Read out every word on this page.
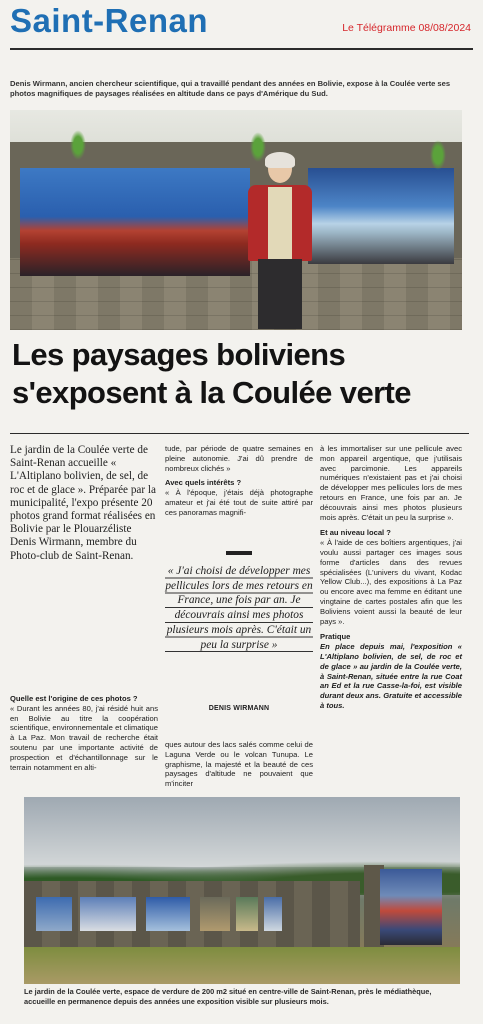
Saint-Renan	Le Télégramme 08/08/2024
Denis Wirmann, ancien chercheur scientifique, qui a travaillé pendant des années en Bolivie, expose à la Coulée verte ses photos magnifiques de paysages réalisées en altitude dans ce pays d'Amérique du Sud.
Les paysages boliviens
s'exposent à la Coulée verte
Le jardin de la Coulée verte de Saint-Renan accueille « L'Altiplano bolivien, de sel, de roc et de glace ». Préparée par la municipalité, l'expo présente 20 photos grand format réalisées en Bolivie par le Plouarzéliste Denis Wirmann, membre du Photo-club de Saint-Renan.
Quelle est l'origine de ces photos ?
« Durant les années 80, j'ai résidé huit ans en Bolivie au titre la coopération scientifique, environnementale et climatique à La Paz. Mon travail de recherche était soutenu par une importante activité de prospection et d'échantillonnage sur le terrain notamment en alti-
tude, par période de quatre semaines en pleine autonomie. J'ai dû prendre de nombreux clichés »
Avec quels intérêts ?
« À l'époque, j'étais déjà photographe amateur et j'ai été tout de suite attiré par ces panoramas magnifi-
« J'ai choisi de développer mes pellicules lors de mes retours en France, une fois par an. Je découvrais ainsi mes photos plusieurs mois après. C'était un peu la surprise »
DENIS WIRMANN
ques autour des lacs salés comme celui de Laguna Verde ou le volcan Tunupa. Le graphisme, la majesté et la beauté de ces paysages d'altitude ne pouvaient que m'inciter
à les immortaliser sur une pellicule avec mon appareil argentique, que j'utilisais avec parcimonie. Les appareils numériques n'existaient pas et j'ai choisi de développer mes pellicules lors de mes retours en France, une fois par an. Je découvrais ainsi mes photos plusieurs mois après. C'était un peu la surprise ».
Et au niveau local ?
« À l'aide de ces boîtiers argentiques, j'ai voulu aussi partager ces images sous forme d'articles dans des revues spécialisées (L'univers du vivant, Kodac Yellow Club...), des expositions à La Paz ou encore avec ma femme en éditant une vingtaine de cartes postales afin que les Boliviens voient aussi la beauté de leur pays ».
Pratique
En place depuis mai, l'exposition « L'Altiplano bolivien, de sel, de roc et de glace » au jardin de la Coulée verte, à Saint-Renan, située entre la rue Coat an Ed et la rue Casse-la-foi, est visible durant deux ans. Gratuite et accessible à tous.
Le jardin de la Coulée verte, espace de verdure de 200 m2 situé en centre-ville de Saint-Renan, près le médiathèque, accueille en permanence depuis des années une exposition visible sur plusieurs mois.
